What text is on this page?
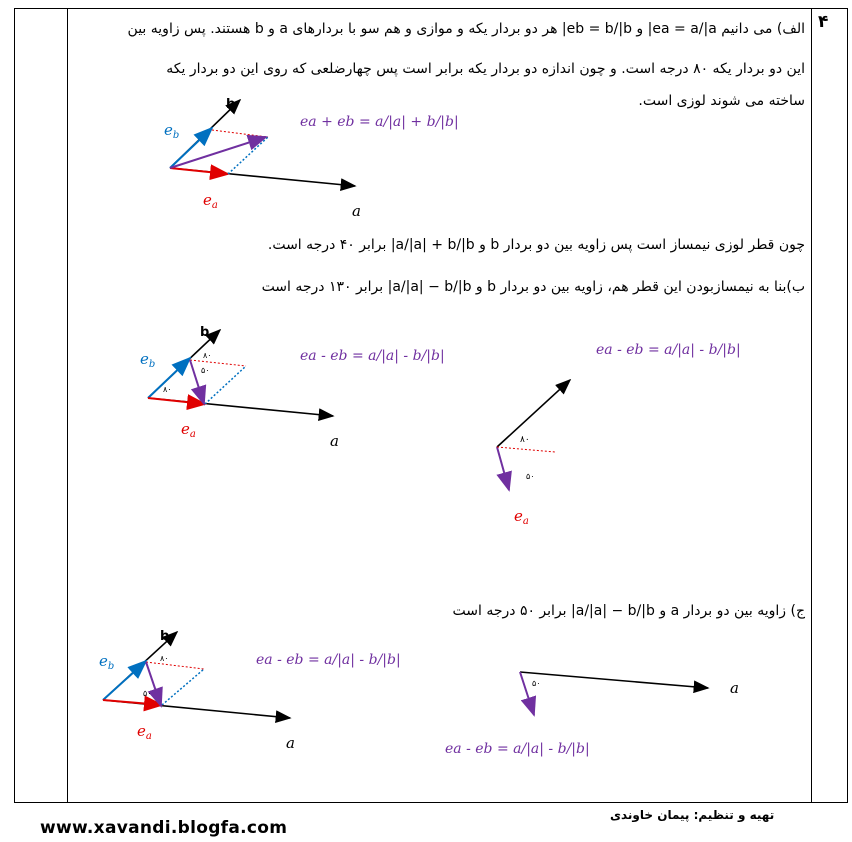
۴
الف) می دانیم ea = a/|a| و eb = b/|b| هر دو بردار یکه و موازی و هم سو با بردارهای a و b هستند. پس زاویه بین
این دو بردار یکه ۸۰ درجه است. و چون اندازه دو بردار یکه برابر است پس چهارضلعی که روی این دو بردار یکه
ساخته می شوند لوزی است.
چون قطر لوزی نیمساز است پس زاویه بین دو بردار b و a/|a| + b/|b| برابر ۴۰ درجه است.
ب)بنا به نیمسازبودن این قطر هم، زاویه بین دو بردار b و a/|a| − b/|b| برابر ۱۳۰ درجه است
ج) زاویه بین دو بردار a و a/|a| − b/|b| برابر ۵۰ درجه است
تهیه و تنظیم: پیمان خاوندی
www.xavandi.blogfa.com
b
a
$e_b$
$e_a$
ea + eb = a/|a| + b/|b|
b
a
$e_b$
$e_a$
۸۰
۵۰
۸۰
ea - eb = a/|a| - b/|b|
۸۰
۵۰
$e_a$
ea - eb = a/|a| - b/|b|
b
a
$e_b$
$e_a$
۸۰
۵۰
ea - eb = a/|a| - b/|b|
۵۰	a
ea - eb = a/|a| - b/|b|
